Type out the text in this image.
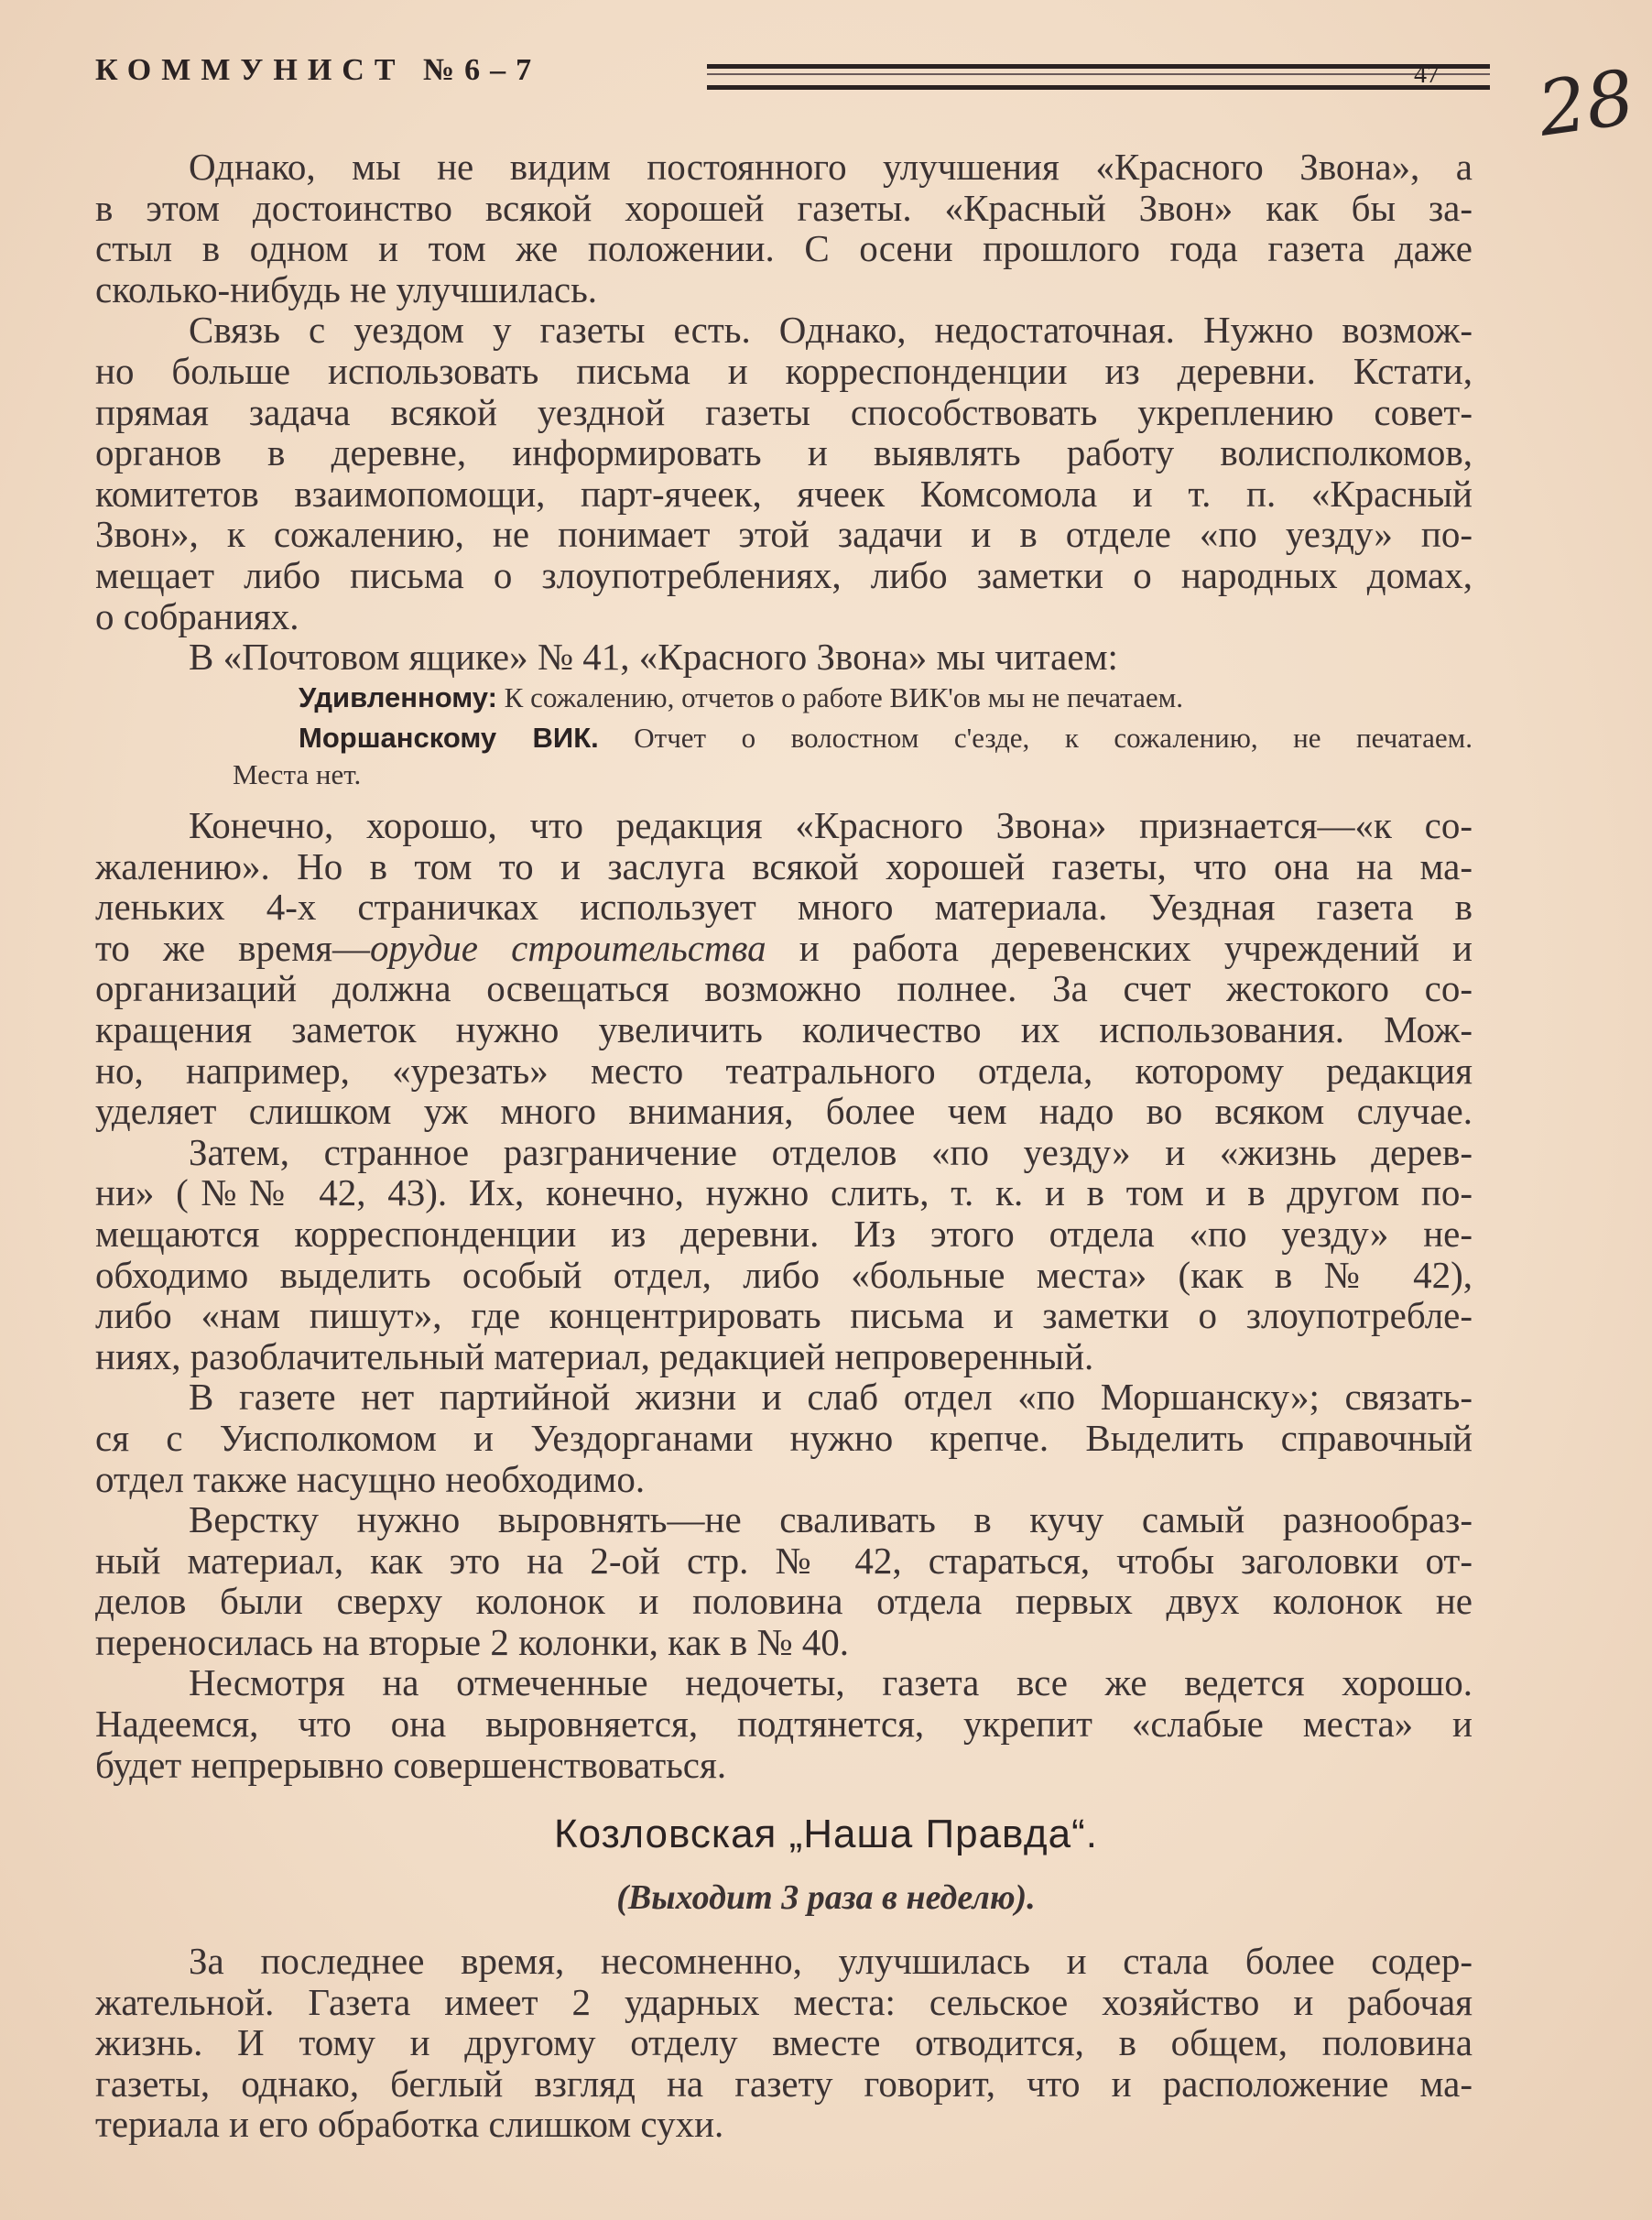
КОММУНИСТ №6–7	47 28
Однако, мы не видим постоянного улучшения «Красного Звона», а
в этом достоинство всякой хорошей газеты. «Красный Звон» как бы за-
стыл в одном и том же положении. С осени прошлого года газета даже
сколько-нибудь не улучшилась.
Связь с уездом у газеты есть. Однако, недостаточная. Нужно возмож-
но больше использовать письма и корреспонденции из деревни. Кстати,
прямая задача всякой уездной газеты способствовать укреплению совет-
органов в деревне, информировать и выявлять работу волисполкомов,
комитетов взаимопомощи, парт-ячеек, ячеек Комсомола и т. п. «Красный
Звон», к сожалению, не понимает этой задачи и в отделе «по уезду» по-
мещает либо письма о злоупотреблениях, либо заметки о народных домах,
о собраниях.
В «Почтовом ящике» № 41, «Красного Звона» мы читаем:
Удивленному: К сожалению, отчетов о работе ВИК'ов мы не печатаем.
Моршанскому ВИК. Отчет о волостном с'езде, к сожалению, не печатаем.
Места нет.
Конечно, хорошо, что редакция «Красного Звона» признается—«к со-
жалению». Но в том то и заслуга всякой хорошей газеты, что она на ма-
леньких 4-х страничках использует много материала. Уездная газета в
то же время—орудие строительства и работа деревенских учреждений и
организаций должна освещаться возможно полнее. За счет жестокого со-
кращения заметок нужно увеличить количество их использования. Мож-
но, например, «урезать» место театрального отдела, которому редакция
уделяет слишком уж много внимания, более чем надо во всяком случае.
Затем, странное разграничение отделов «по уезду» и «жизнь дерев-
ни» (№№ 42, 43). Их, конечно, нужно слить, т. к. и в том и в другом по-
мещаются корреспонденции из деревни. Из этого отдела «по уезду» не-
обходимо выделить особый отдел, либо «больные места» (как в № 42),
либо «нам пишут», где концентрировать письма и заметки о злоупотребле-
ниях, разоблачительный материал, редакцией непроверенный.
В газете нет партийной жизни и слаб отдел «по Моршанску»; связать-
ся с Уисполкомом и Уездорганами нужно крепче. Выделить справочный
отдел также насущно необходимо.
Верстку нужно выровнять—не сваливать в кучу самый разнообраз-
ный материал, как это на 2-ой стр. № 42, стараться, чтобы заголовки от-
делов были сверху колонок и половина отдела первых двух колонок не
переносилась на вторые 2 колонки, как в № 40.
Несмотря на отмеченные недочеты, газета все же ведется хорошо.
Надеемся, что она выровняется, подтянется, укрепит «слабые места» и
будет непрерывно совершенствоваться.
Козловская „Наша Правда“.
(Выходит 3 раза в неделю).
За последнее время, несомненно, улучшилась и стала более содер-
жательной. Газета имеет 2 ударных места: сельское хозяйство и рабочая
жизнь. И тому и другому отделу вместе отводится, в общем, половина
газеты, однако, беглый взгляд на газету говорит, что и расположение ма-
териала и его обработка слишком сухи.
